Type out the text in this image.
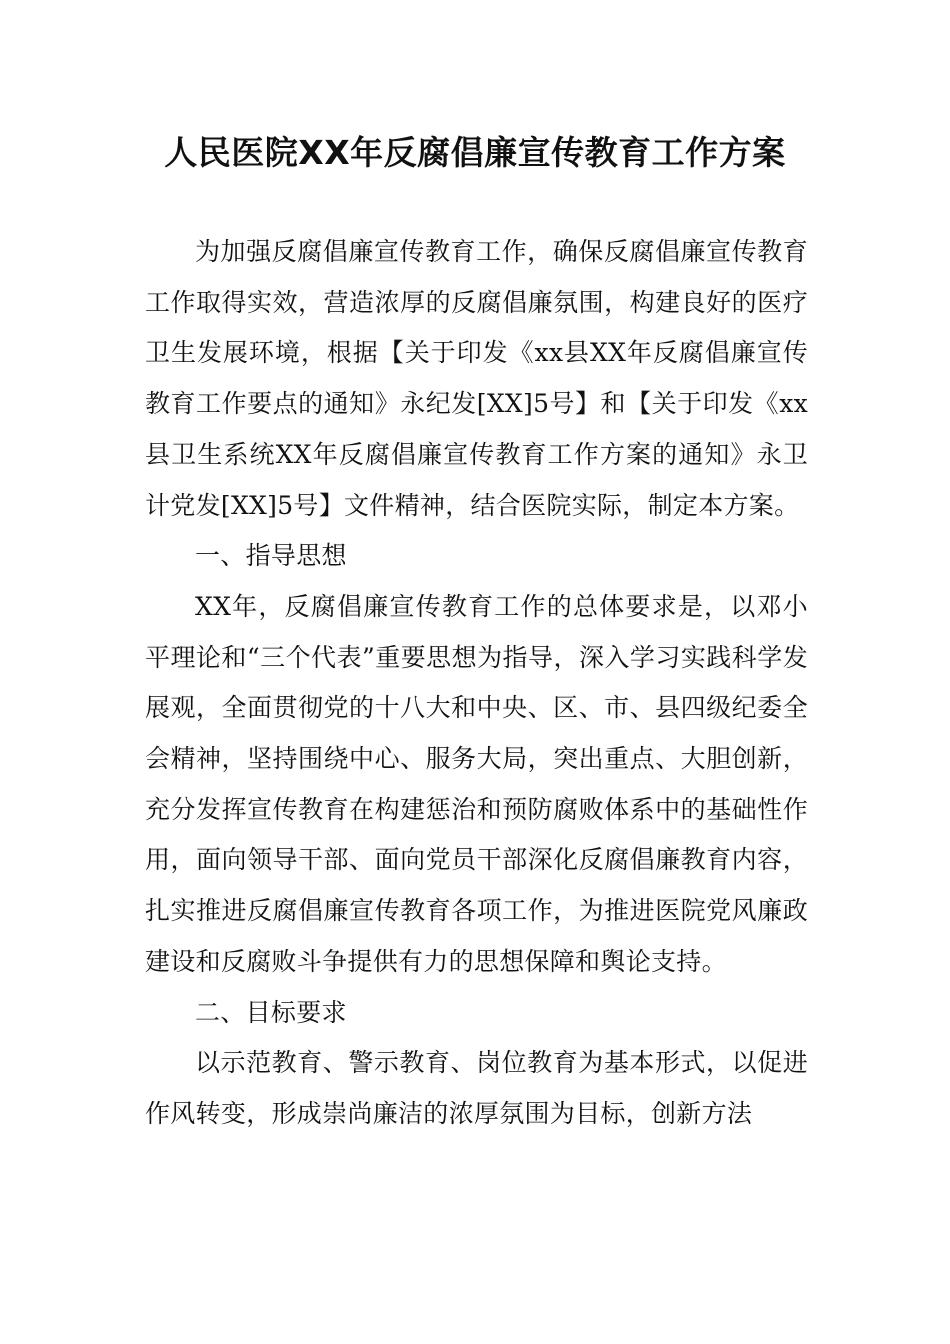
人民医院XX年反腐倡廉宣传教育工作方案

为加强反腐倡廉宣传教育工作，确保反腐倡廉宣传教育工作取得实效，营造浓厚的反腐倡廉氛围，构建良好的医疗卫生发展环境，根据【关于印发《xx县XX年反腐倡廉宣传教育工作要点的通知》永纪发[XX]5号】和【关于印发《xx县卫生系统XX年反腐倡廉宣传教育工作方案的通知》永卫计党发[XX]5号】文件精神，结合医院实际，制定本方案。

一、指导思想

XX年，反腐倡廉宣传教育工作的总体要求是，以邓小平理论和“三个代表”重要思想为指导，深入学习实践科学发展观，全面贯彻党的十八大和中央、区、市、县四级纪委全会精神，坚持围绕中心、服务大局，突出重点、大胆创新，充分发挥宣传教育在构建惩治和预防腐败体系中的基础性作用，面向领导干部、面向党员干部深化反腐倡廉教育内容，扎实推进反腐倡廉宣传教育各项工作，为推进医院党风廉政建设和反腐败斗争提供有力的思想保障和舆论支持。

二、目标要求

以示范教育、警示教育、岗位教育为基本形式，以促进作风转变，形成崇尚廉洁的浓厚氛围为目标，创新方法
